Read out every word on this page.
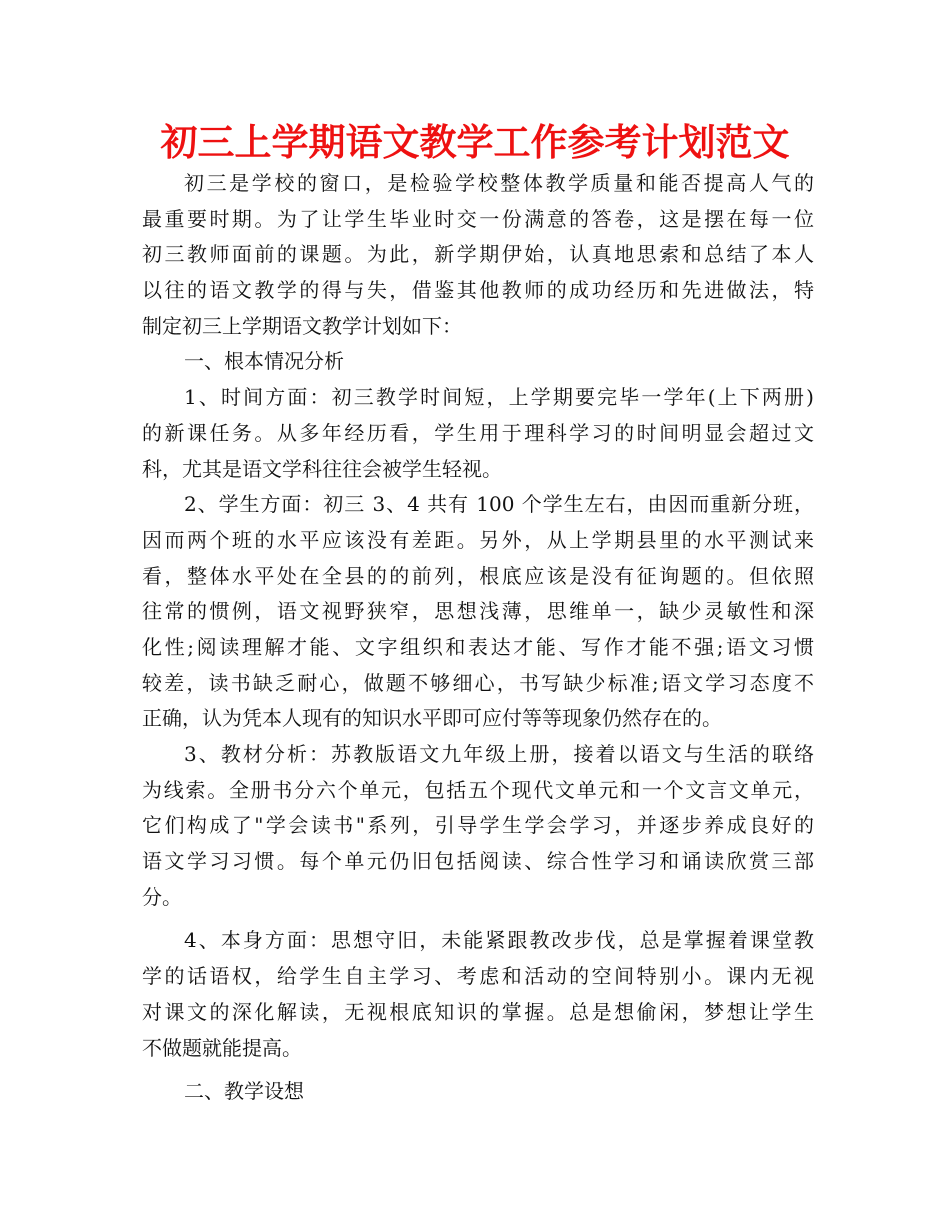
初三上学期语文教学工作参考计划范文
初三是学校的窗口，是检验学校整体教学质量和能否提高人气的
最重要时期。为了让学生毕业时交一份满意的答卷，这是摆在每一位
初三教师面前的课题。为此，新学期伊始，认真地思索和总结了本人
以往的语文教学的得与失，借鉴其他教师的成功经历和先进做法，特
制定初三上学期语文教学计划如下：
一、根本情况分析
1、时间方面：初三教学时间短，上学期要完毕一学年(上下两册)
的新课任务。从多年经历看，学生用于理科学习的时间明显会超过文
科，尤其是语文学科往往会被学生轻视。
2、学生方面：初三 3、4 共有 100 个学生左右，由因而重新分班，
因而两个班的水平应该没有差距。另外，从上学期县里的水平测试来
看，整体水平处在全县的的前列，根底应该是没有征询题的。但依照
往常的惯例，语文视野狭窄，思想浅薄，思维单一，缺少灵敏性和深
化性;阅读理解才能、文字组织和表达才能、写作才能不强;语文习惯
较差，读书缺乏耐心，做题不够细心，书写缺少标准;语文学习态度不
正确，认为凭本人现有的知识水平即可应付等等现象仍然存在的。
3、教材分析：苏教版语文九年级上册，接着以语文与生活的联络
为线索。全册书分六个单元，包括五个现代文单元和一个文言文单元，
它们构成了"学会读书"系列，引导学生学会学习，并逐步养成良好的
语文学习习惯。每个单元仍旧包括阅读、综合性学习和诵读欣赏三部
分。
4、本身方面：思想守旧，未能紧跟教改步伐，总是掌握着课堂教
学的话语权，给学生自主学习、考虑和活动的空间特别小。课内无视
对课文的深化解读，无视根底知识的掌握。总是想偷闲，梦想让学生
不做题就能提高。
二、教学设想
